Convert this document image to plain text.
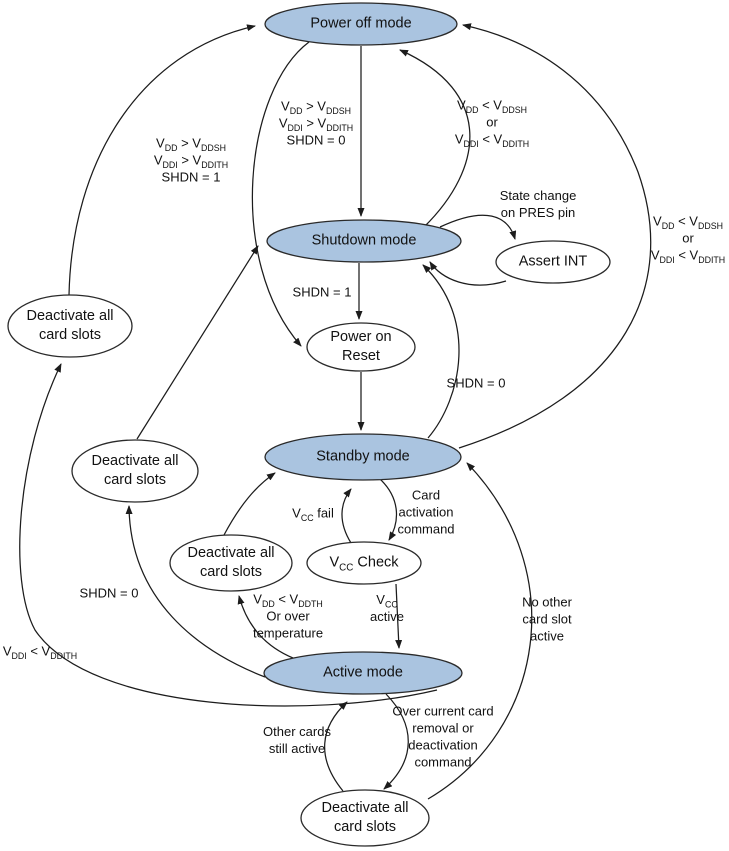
Power off mode
Shutdown mode
Assert INT
Power on
Reset
Standby mode
$V_{CC}$ Check
Active mode
Deactivate all
card slots
Deactivate all
card slots
Deactivate all
card slots
Deactivate all
card slots
$V_{DD} > V_{DDSH}$
$V_{DDI} > V_{DDITH}$
SHDN = 0
$V_{DD} < V_{DDSH}$
or
$V_{DDI} < V_{DDITH}$
$V_{DD} > V_{DDSH}$
$V_{DDI} > V_{DDITH}$
SHDN = 1
State change
on PRES pin
SHDN = 1
$V_{DD} < V_{DDSH}$
or
$V_{DDI} < V_{DDITH}$
SHDN = 0
$V_{CC}$ fail
Card
activation
command
$V_{DD} < V_{DDTH}$
Or over
temperature
$V_{CC}$
active
SHDN = 0
$V_{DDI} < V_{DDITH}$
No other
card slot
active
Other cards
still active
Over current card
removal or
deactivation
command
